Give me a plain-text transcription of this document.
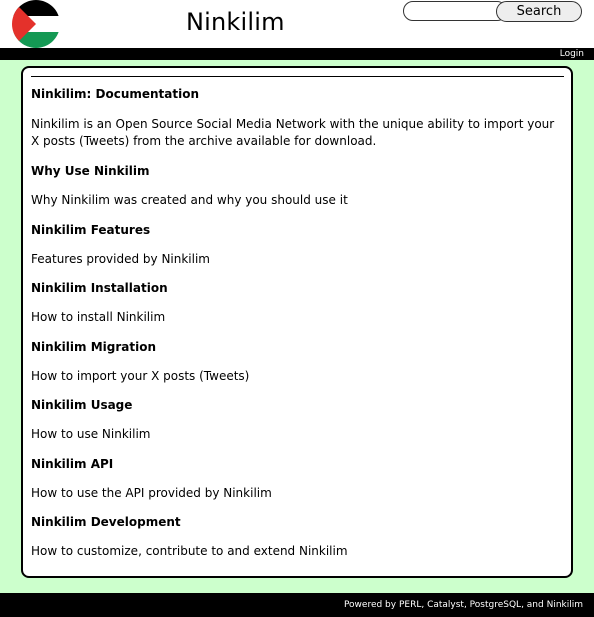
Ninkilim	Search
Login
Ninkilim: Documentation

Ninkilim is an Open Source Social Media Network with the unique ability to import your X posts (Tweets) from the archive available for download.

Why Use Ninkilim

Why Ninkilim was created and why you should use it

Ninkilim Features

Features provided by Ninkilim

Ninkilim Installation

How to install Ninkilim

Ninkilim Migration

How to import your X posts (Tweets)

Ninkilim Usage

How to use Ninkilim

Ninkilim API

How to use the API provided by Ninkilim

Ninkilim Development

How to customize, contribute to and extend Ninkilim

Powered by PERL, Catalyst, PostgreSQL, and Ninkilim
